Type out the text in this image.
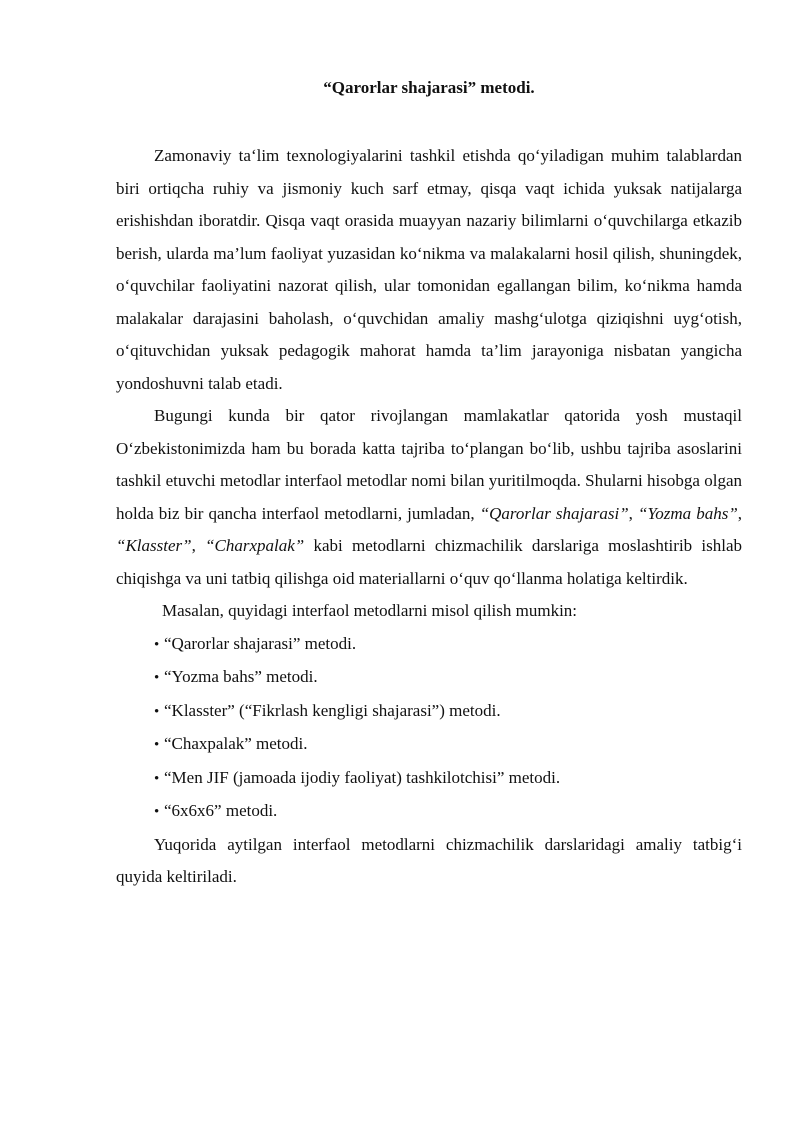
“Qarorlar shajarasi” metodi.

Zamonaviy ta‘lim texnologiyalarini tashkil etishda qo‘yiladigan muhim talablardan biri ortiqcha ruhiy va jismoniy kuch sarf etmay, qisqa vaqt ichida yuksak natijalarga erishishdan iboratdir. Qisqa vaqt orasida muayyan nazariy bilimlarni o‘quvchilarga etkazib berish, ularda ma’lum faoliyat yuzasidan ko‘nikma va malakalarni hosil qilish, shuningdek, o‘quvchilar faoliyatini nazorat qilish, ular tomonidan egallangan bilim, ko‘nikma hamda malakalar darajasini baholash, o‘quvchidan amaliy mashg‘ulotga qiziqishni uyg‘otish, o‘qituvchidan yuksak pedagogik mahorat hamda ta’lim jarayoniga nisbatan yangicha yondoshuvni talab etadi.

Bugungi kunda bir qator rivojlangan mamlakatlar qatorida yosh mustaqil O‘zbekistonimizda ham bu borada katta tajriba to‘plangan bo‘lib, ushbu tajriba asoslarini tashkil etuvchi metodlar interfaol metodlar nomi bilan yuritilmoqda. Shularni hisobga olgan holda biz bir qancha interfaol metodlarni, jumladan, “Qarorlar shajarasi”, “Yozma bahs”, “Klasster”, “Charxpalak” kabi metodlarni chizmachilik darslariga moslashtirib ishlab chiqishga va uni tatbiq qilishga oid materiallarni o‘quv qo‘llanma holatiga keltirdik.

Masalan, quyidagi interfaol metodlarni misol qilish mumkin:

• “Qarorlar shajarasi” metodi.
• “Yozma bahs” metodi.
• “Klasster” (“Fikrlash kengligi shajarasi”) metodi.
• “Chaxpalak” metodi.
• “Men JIF (jamoada ijodiy faoliyat) tashkilotchisi” metodi.
• “6x6x6” metodi.

Yuqorida aytilgan interfaol metodlarni chizmachilik darslaridagi amaliy tatbig‘i quyida keltiriladi.
